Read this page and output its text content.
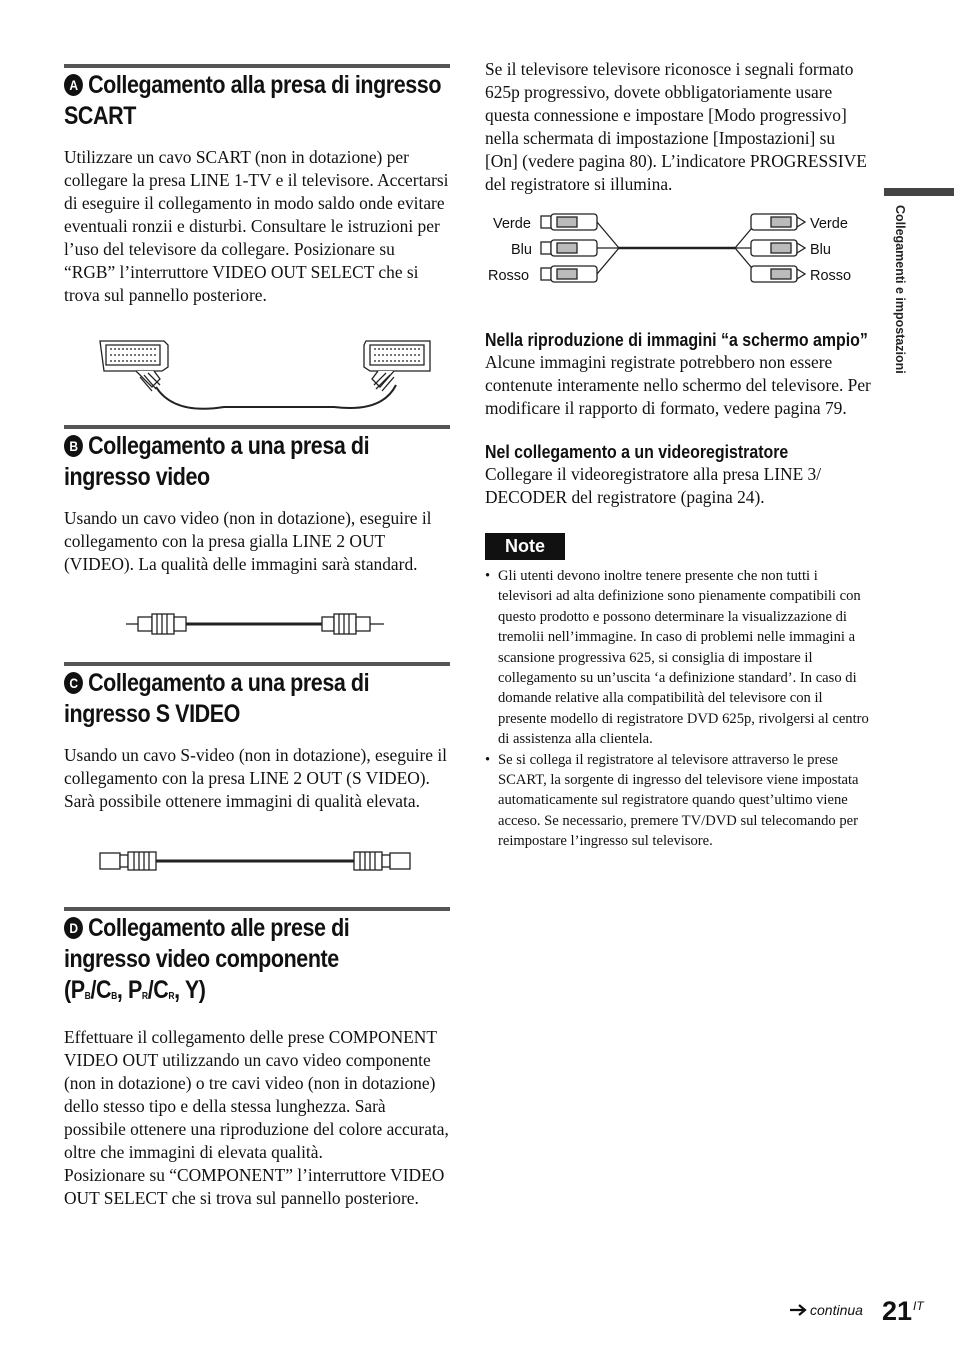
Collegamenti e impostazioni
A Collegamento alla presa di ingresso SCART

Utilizzare un cavo SCART (non in dotazione) per collegare la presa LINE 1-TV e il televisore. Accertarsi di eseguire il collegamento in modo saldo onde evitare eventuali ronzii e disturbi. Consultare le istruzioni per l’uso del televisore da collegare. Posizionare su “RGB” l’interruttore VIDEO OUT SELECT che si trova sul pannello posteriore.

B Collegamento a una presa di ingresso video

Usando un cavo video (non in dotazione), eseguire il collegamento con la presa gialla LINE 2 OUT (VIDEO). La qualità delle immagini sarà standard.

C Collegamento a una presa di ingresso S VIDEO

Usando un cavo S-video (non in dotazione), eseguire il collegamento con la presa LINE 2 OUT (S VIDEO). Sarà possibile ottenere immagini di qualità elevata.

D Collegamento alle prese di
ingresso video componente
(PB/CB, PR/CR, Y)

Effettuare il collegamento delle prese COMPONENT VIDEO OUT utilizzando un cavo video componente (non in dotazione) o tre cavi video (non in dotazione) dello stesso tipo e della stessa lunghezza. Sarà possibile ottenere una riproduzione del colore accurata, oltre che immagini di elevata qualità.

Posizionare su “COMPONENT” l’interruttore VIDEO OUT SELECT che si trova sul pannello posteriore.

Se il televisore televisore riconosce i segnali formato 625p progressivo, dovete obbligatoriamente usare questa connessione e impostare [Modo progressivo] nella schermata di impostazione [Impostazioni] su [On] (vedere pagina 80). L’indicatore PROGRESSIVE del registratore si illumina.

Verde
Blu
Rosso
Verde
Blu
Rosso
Nella riproduzione di immagini “a schermo ampio”

Alcune immagini registrate potrebbero non essere contenute interamente nello schermo del televisore. Per modificare il rapporto di formato, vedere pagina 79.

Nel collegamento a un videoregistratore

Collegare il videoregistratore alla presa LINE 3/ DECODER del registratore (pagina 24).

Note
• Gli utenti devono inoltre tenere presente che non tutti i televisori ad alta definizione sono pienamente compatibili con questo prodotto e possono determinare la visualizzazione di tremolii nell’immagine. In caso di problemi nelle immagini a scansione progressiva 625, si consiglia di impostare il collegamento su un’uscita ‘a definizione standard’. In caso di domande relative alla compatibilità del televisore con il presente modello di registratore DVD 625p, rivolgersi al centro di assistenza alla clientela.
• Se si collega il registratore al televisore attraverso le prese SCART, la sorgente di ingresso del televisore viene impostata automaticamente sul registratore quando quest’ultimo viene acceso. Se necessario, premere TV/DVD sul telecomando per reimpostare l’ingresso sul televisore.
continua $21^{IT}$
